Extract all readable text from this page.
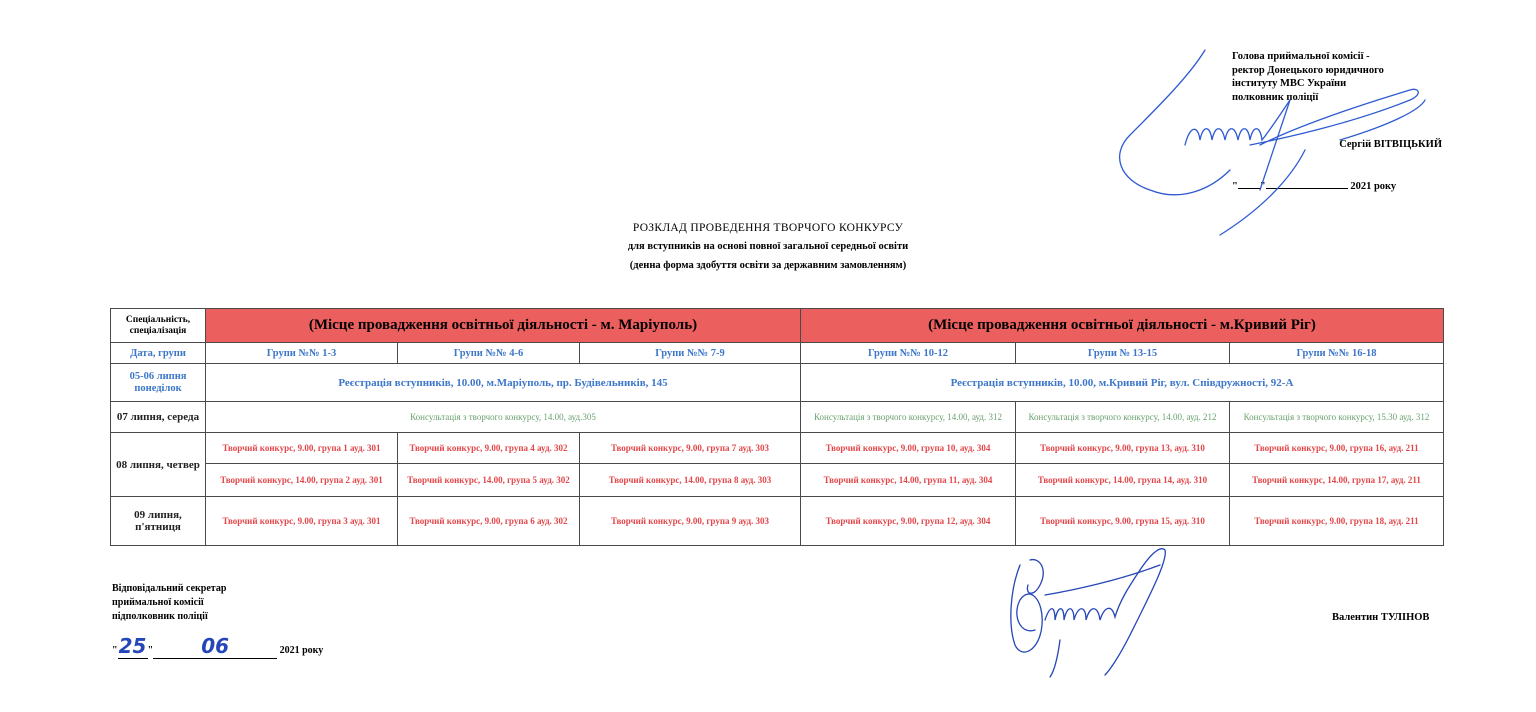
Голова приймальної комісії -
ректор Донецького юридичного
інституту МВС України
полковник поліції
Сергій ВІТВІЦЬКИЙ
" "	2021 року
РОЗКЛАД ПРОВЕДЕННЯ ТВОРЧОГО КОНКУРСУ
для вступників на основі повної загальної середньої освіти
(денна форма здобуття освіти за державним замовленням)
Спеціальність, спеціалізація	(Місце провадження освітньої діяльності - м. Маріуполь)			(Місце провадження освітньої діяльності - м.Кривий Ріг)		
Дата, групи	Групи №№ 1-3	Групи №№ 4-6	Групи №№ 7-9	Групи №№ 10-12	Групи № 13-15	Групи №№ 16-18
05-06 липня понеділок	Реєстрація вступників, 10.00, м.Маріуполь, пр. Будівельників, 145			Реєстрація вступників, 10.00, м.Кривий Ріг, вул. Співдружності, 92-А		
07 липня, середа	Консультація з творчого конкурсу, 14.00, ауд.305			Консультація з творчого конкурсу, 14.00, ауд. 312	Консультація з творчого конкурсу, 14.00, ауд. 212	Консультація з творчого конкурсу, 15.30 ауд. 312
08 липня, четвер	Творчий конкурс, 9.00, група 1 ауд. 301	Творчий конкурс, 9.00, група 4 ауд. 302	Творчий конкурс, 9.00, група 7 ауд. 303	Творчий конкурс, 9.00, група 10, ауд. 304	Творчий конкурс, 9.00, група 13, ауд. 310	Творчий конкурс, 9.00, група 16, ауд. 211
	Творчий конкурс, 14.00, група 2 ауд. 301	Творчий конкурс, 14.00, група 5 ауд. 302	Творчий конкурс, 14.00, група 8 ауд. 303	Творчий конкурс, 14.00, група 11, ауд. 304	Творчий конкурс, 14.00, група 14, ауд. 310	Творчий конкурс, 14.00, група 17, ауд. 211
09 липня, п'ятниця	Творчий конкурс, 9.00, група 3 ауд. 301	Творчий конкурс, 9.00, група 6 ауд. 302	Творчий конкурс, 9.00, група 9 ауд. 303	Творчий конкурс, 9.00, група 12, ауд. 304	Творчий конкурс, 9.00, група 15, ауд. 310	Творчий конкурс, 9.00, група 18, ауд. 211
Відповідальний секретар
приймальної комісії
підполковник поліції
"25" 06	2021 року
Валентин ТУЛІНОВ
